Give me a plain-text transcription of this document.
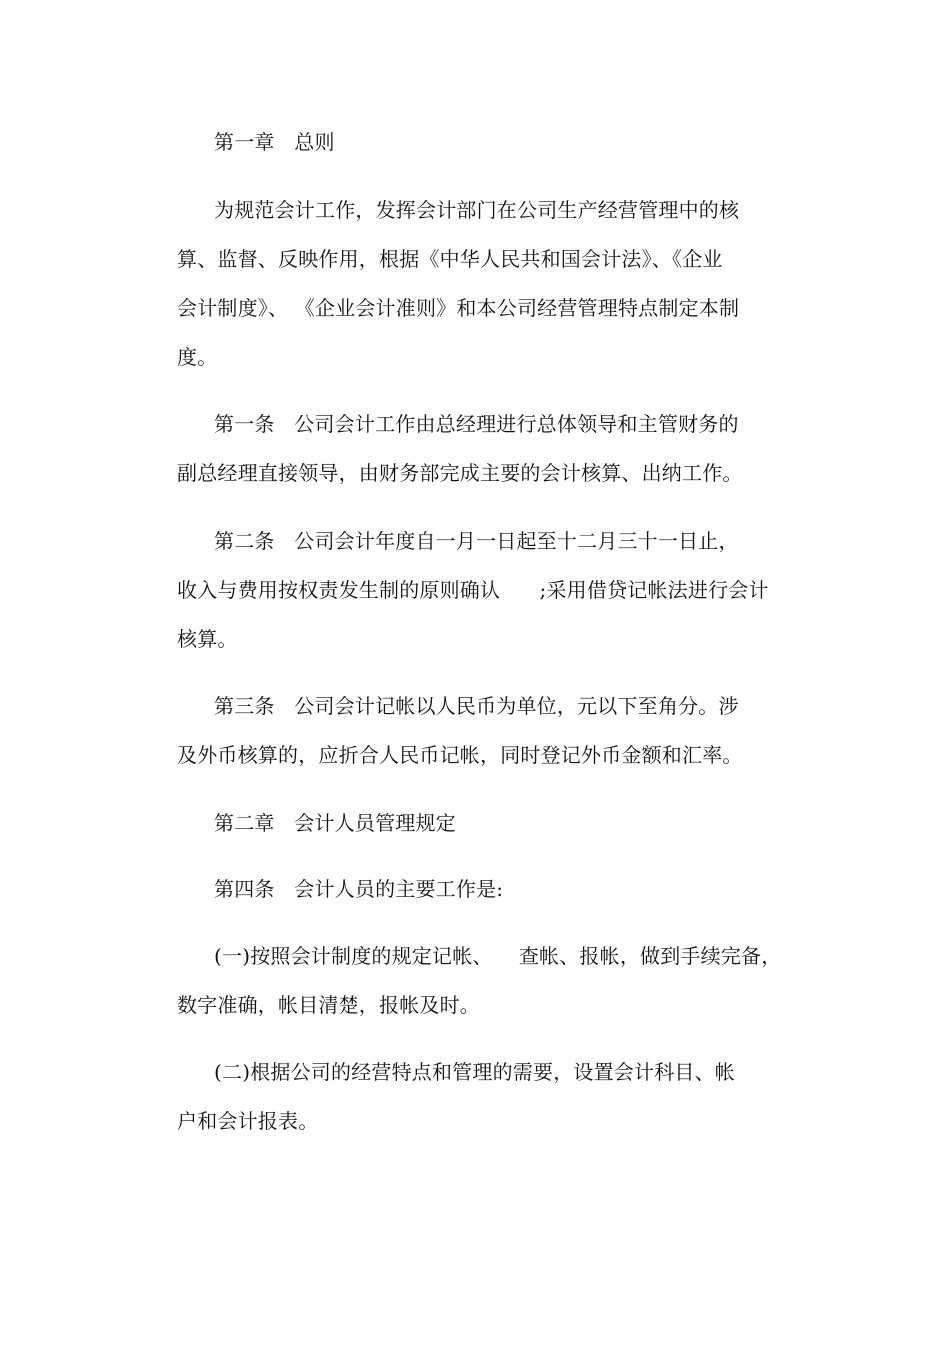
第一章   总则
为规范会计工作，发挥会计部门在公司生产经营管理中的核
算、监督、反映作用，根据《中华人民共和国会计法》、《企业
会计制度》、 《企业会计准则》和本公司经营管理特点制定本制
度。
第一条   公司会计工作由总经理进行总体领导和主管财务的
副总经理直接领导，由财务部完成主要的会计核算、出纳工作。
第二条   公司会计年度自一月一日起至十二月三十一日止，
收入与费用按权责发生制的原则确认      ;采用借贷记帐法进行会计
核算。
第三条   公司会计记帐以人民币为单位，元以下至角分。涉
及外币核算的，应折合人民币记帐，同时登记外币金额和汇率。
第二章   会计人员管理规定
第四条   会计人员的主要工作是:
(一)按照会计制度的规定记帐、    查帐、报帐，做到手续完备，
数字准确，帐目清楚，报帐及时。
(二)根据公司的经营特点和管理的需要，设置会计科目、帐
户和会计报表。
